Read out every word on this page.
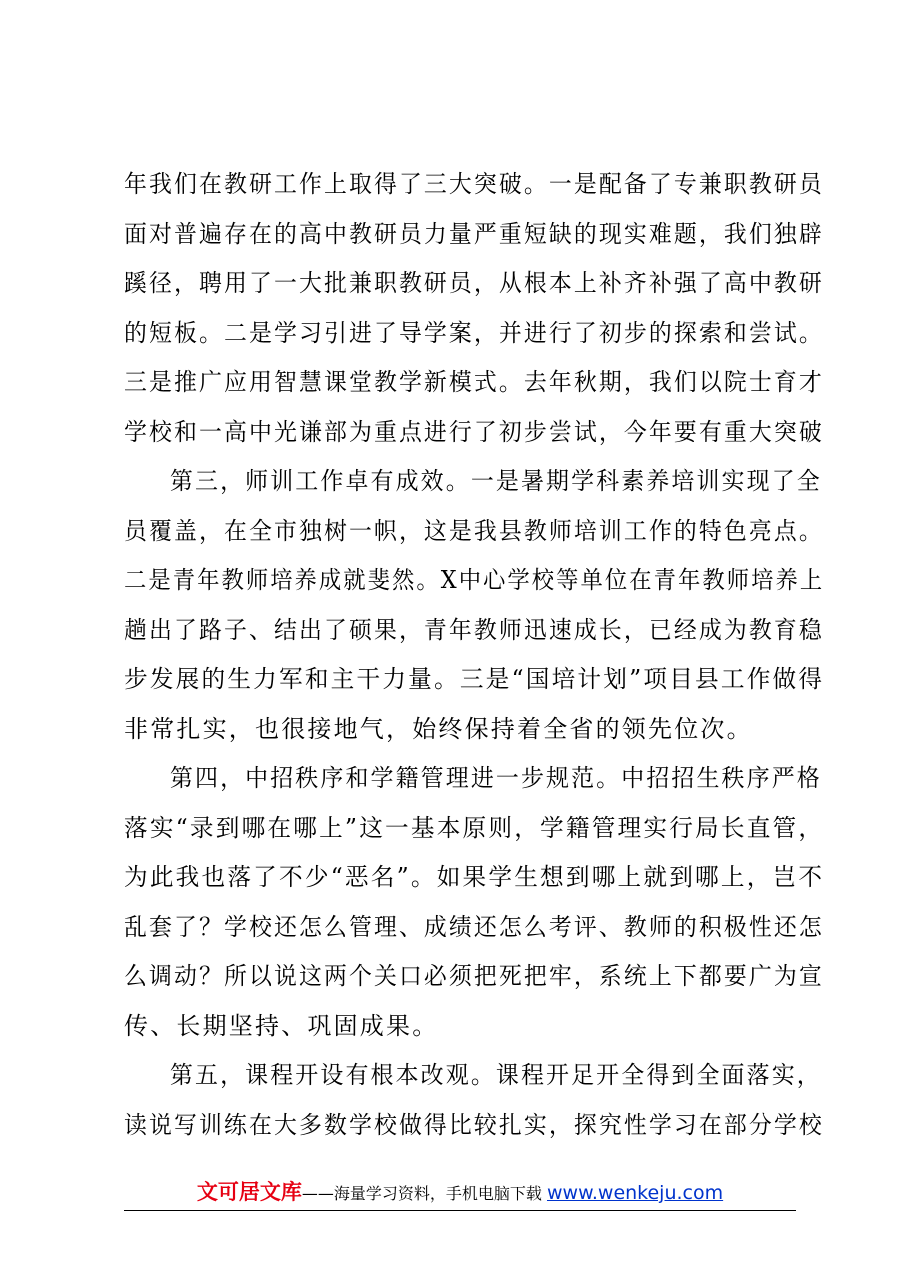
年我们在教研工作上取得了三大突破。一是配备了专兼职教研员
面对普遍存在的高中教研员力量严重短缺的现实难题，我们独辟
蹊径，聘用了一大批兼职教研员，从根本上补齐补强了高中教研
的短板。二是学习引进了导学案，并进行了初步的探索和尝试。
三是推广应用智慧课堂教学新模式。去年秋期，我们以院士育才
学校和一高中光谦部为重点进行了初步尝试，今年要有重大突破
第三，师训工作卓有成效。一是暑期学科素养培训实现了全
员覆盖，在全市独树一帜，这是我县教师培训工作的特色亮点。
二是青年教师培养成就斐然。X中心学校等单位在青年教师培养上
趟出了路子、结出了硕果，青年教师迅速成长，已经成为教育稳
步发展的生力军和主干力量。三是“国培计划”项目县工作做得
非常扎实，也很接地气，始终保持着全省的领先位次。
第四，中招秩序和学籍管理进一步规范。中招招生秩序严格
落实“录到哪在哪上”这一基本原则，学籍管理实行局长直管，
为此我也落了不少“恶名”。如果学生想到哪上就到哪上，岂不
乱套了？学校还怎么管理、成绩还怎么考评、教师的积极性还怎
么调动？所以说这两个关口必须把死把牢，系统上下都要广为宣
传、长期坚持、巩固成果。
第五，课程开设有根本改观。课程开足开全得到全面落实，
读说写训练在大多数学校做得比较扎实，探究性学习在部分学校
文可居文库——海量学习资料，手机电脑下载 www.wenkeju.com
